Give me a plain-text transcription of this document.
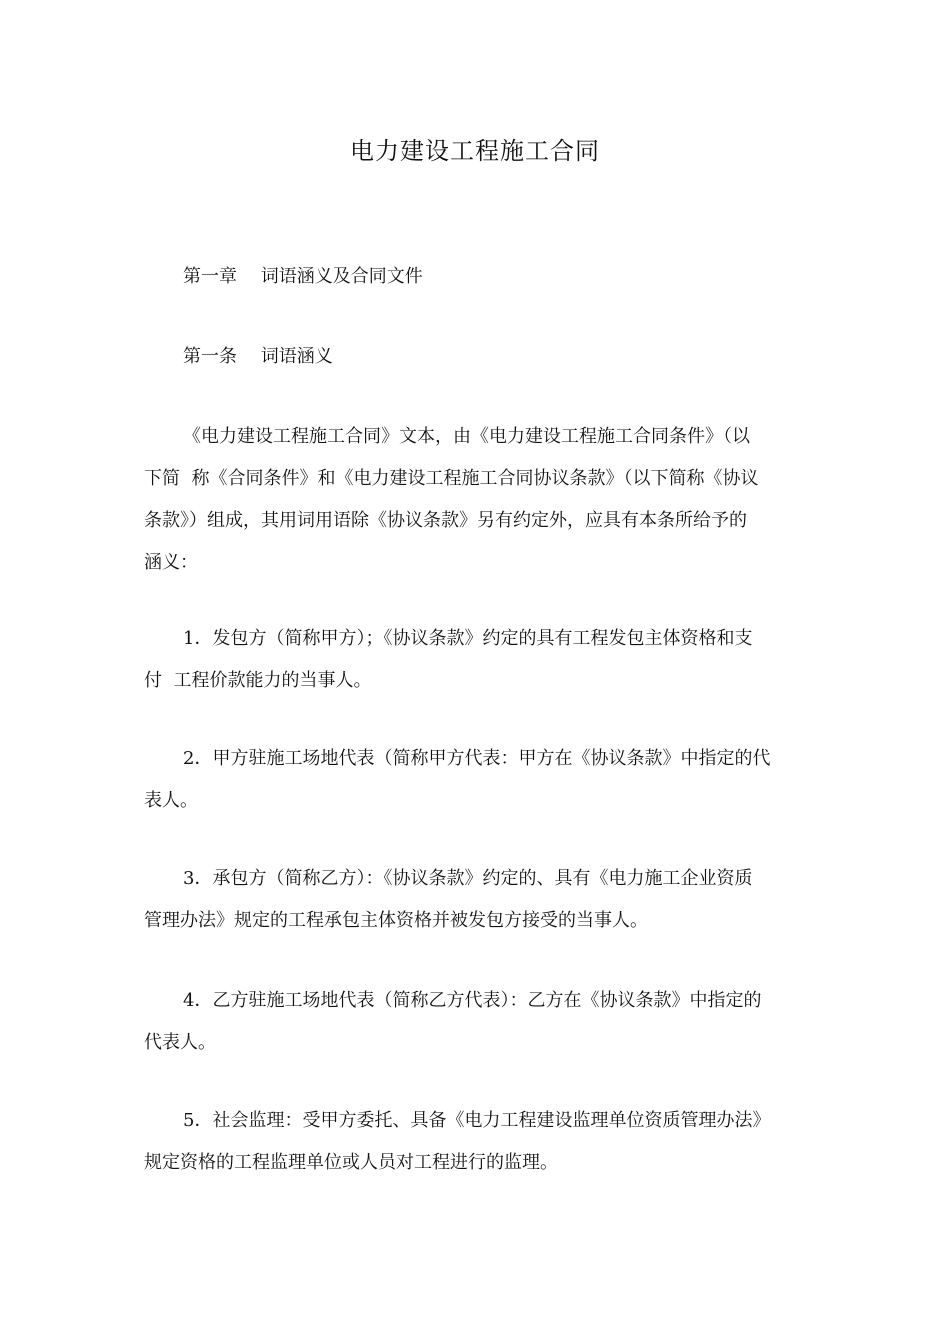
电力建设工程施工合同
第一章　 词语涵义及合同文件
第一条　 词语涵义
《电力建设工程施工合同》文本，由《电力建设工程施工合同条件》（以
下简  称《合同条件》和《电力建设工程施工合同协议条款》（以下简称《协议
条款》）组成，其用词用语除《协议条款》另有约定外，应具有本条所给予的
涵义：
1．发包方（简称甲方）；《协议条款》约定的具有工程发包主体资格和支
付  工程价款能力的当事人。
2．甲方驻施工场地代表（简称甲方代表：甲方在《协议条款》中指定的代
表人。
3．承包方（简称乙方）：《协议条款》约定的、具有《电力施工企业资质
管理办法》规定的工程承包主体资格并被发包方接受的当事人。
4．乙方驻施工场地代表（简称乙方代表）：乙方在《协议条款》中指定的
代表人。
5．社会监理：受甲方委托、具备《电力工程建设监理单位资质管理办法》
规定资格的工程监理单位或人员对工程进行的监理。
